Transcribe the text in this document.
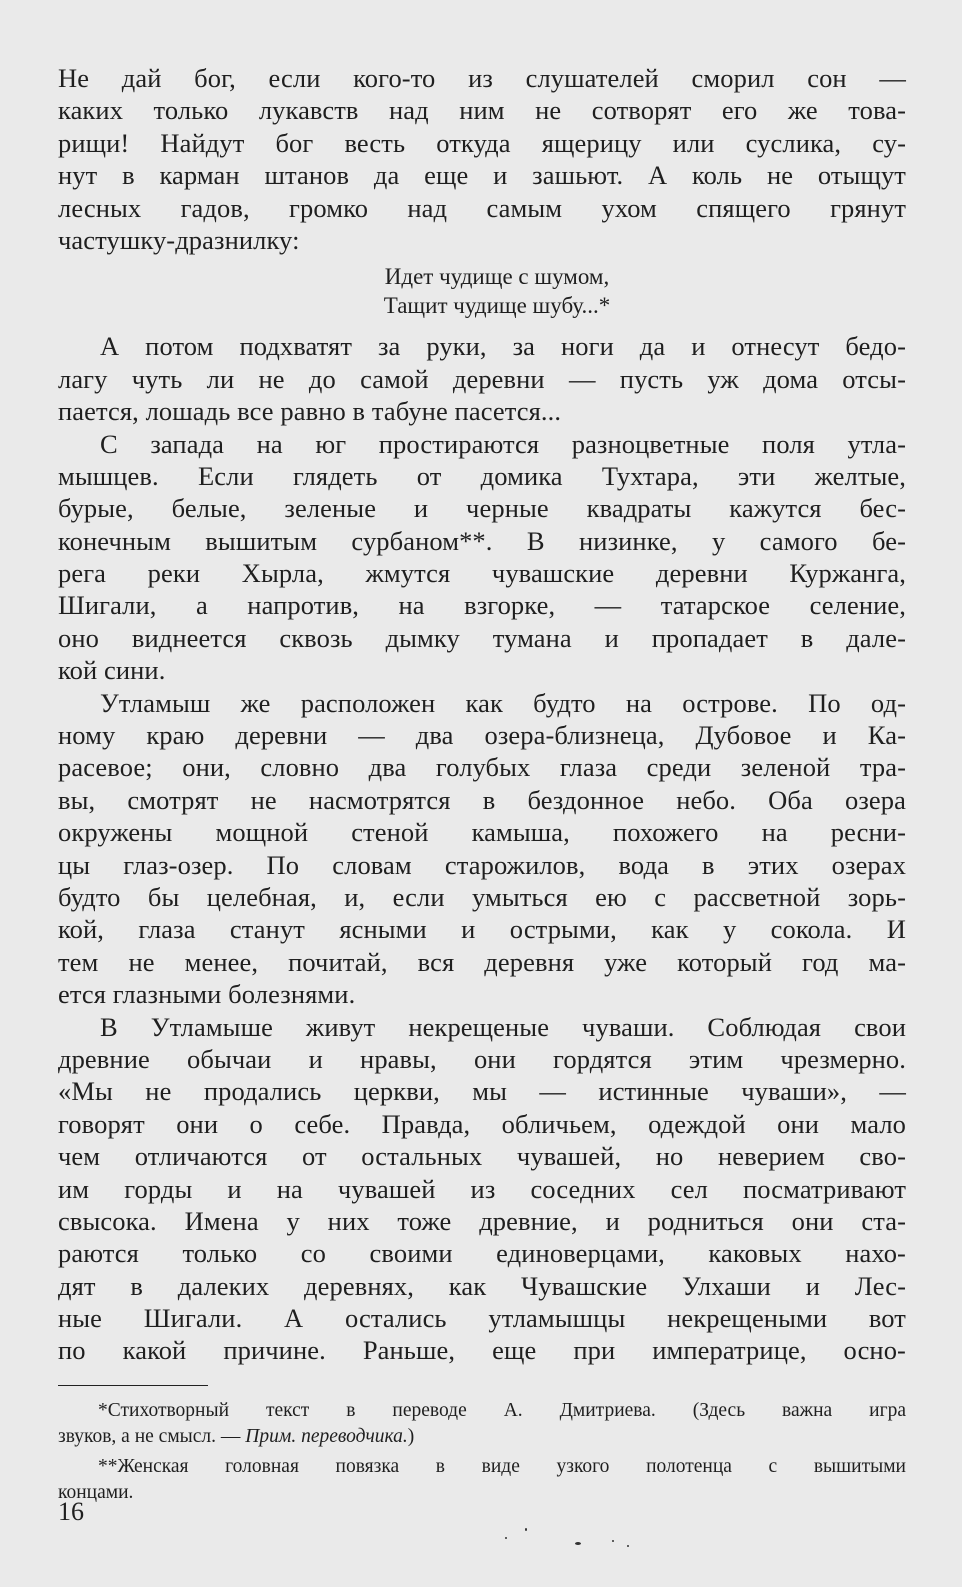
Не дай бог, если кого-то из слушателей сморил сон —
каких только лукавств над ним не сотворят его же това-
рищи! Найдут бог весть откуда ящерицу или суслика, су-
нут в карман штанов да еще и зашьют. А коль не отыщут
лесных гадов, громко над самым ухом спящего грянут
частушку-дразнилку:
Идет чудище с шумом,
Тащит чудище шубу...*
А потом подхватят за руки, за ноги да и отнесут бедо-
лагу чуть ли не до самой деревни — пусть уж дома отсы-
пается, лошадь все равно в табуне пасется...
С запада на юг простираются разноцветные поля утла-
мышцев. Если глядеть от домика Тухтара, эти желтые,
бурые, белые, зеленые и черные квадраты кажутся бес-
конечным вышитым сурбаном**. В низинке, у самого бе-
рега реки Хырла, жмутся чувашские деревни Куржанга,
Шигали, а напротив, на взгорке, — татарское селение,
оно виднеется сквозь дымку тумана и пропадает в дале-
кой сини.
Утламыш же расположен как будто на острове. По од-
ному краю деревни — два озера-близнеца, Дубовое и Ка-
расевое; они, словно два голубых глаза среди зеленой тра-
вы, смотрят не насмотрятся в бездонное небо. Оба озера
окружены мощной стеной камыша, похожего на ресни-
цы глаз-озер. По словам старожилов, вода в этих озерах
будто бы целебная, и, если умыться ею с рассветной зорь-
кой, глаза станут ясными и острыми, как у сокола. И
тем не менее, почитай, вся деревня уже который год ма-
ется глазными болезнями.
В Утламыше живут некрещеные чуваши. Соблюдая свои
древние обычаи и нравы, они гордятся этим чрезмерно.
«Мы не продались церкви, мы — истинные чуваши», —
говорят они о себе. Правда, обличьем, одеждой они мало
чем отличаются от остальных чувашей, но неверием сво-
им горды и на чувашей из соседних сел посматривают
свысока. Имена у них тоже древние, и родниться они ста-
раются только со своими единоверцами, каковых нахо-
дят в далеких деревнях, как Чувашские Улхаши и Лес-
ные Шигали. А остались утламышцы некрещеными вот
по какой причине. Раньше, еще при императрице, осно-
*Стихотворный текст в переводе А. Дмитриева. (Здесь важна игра
звуков, а не смысл. — Прим. переводчика.)
**Женская головная повязка в виде узкого полотенца с вышитыми
концами.
16
